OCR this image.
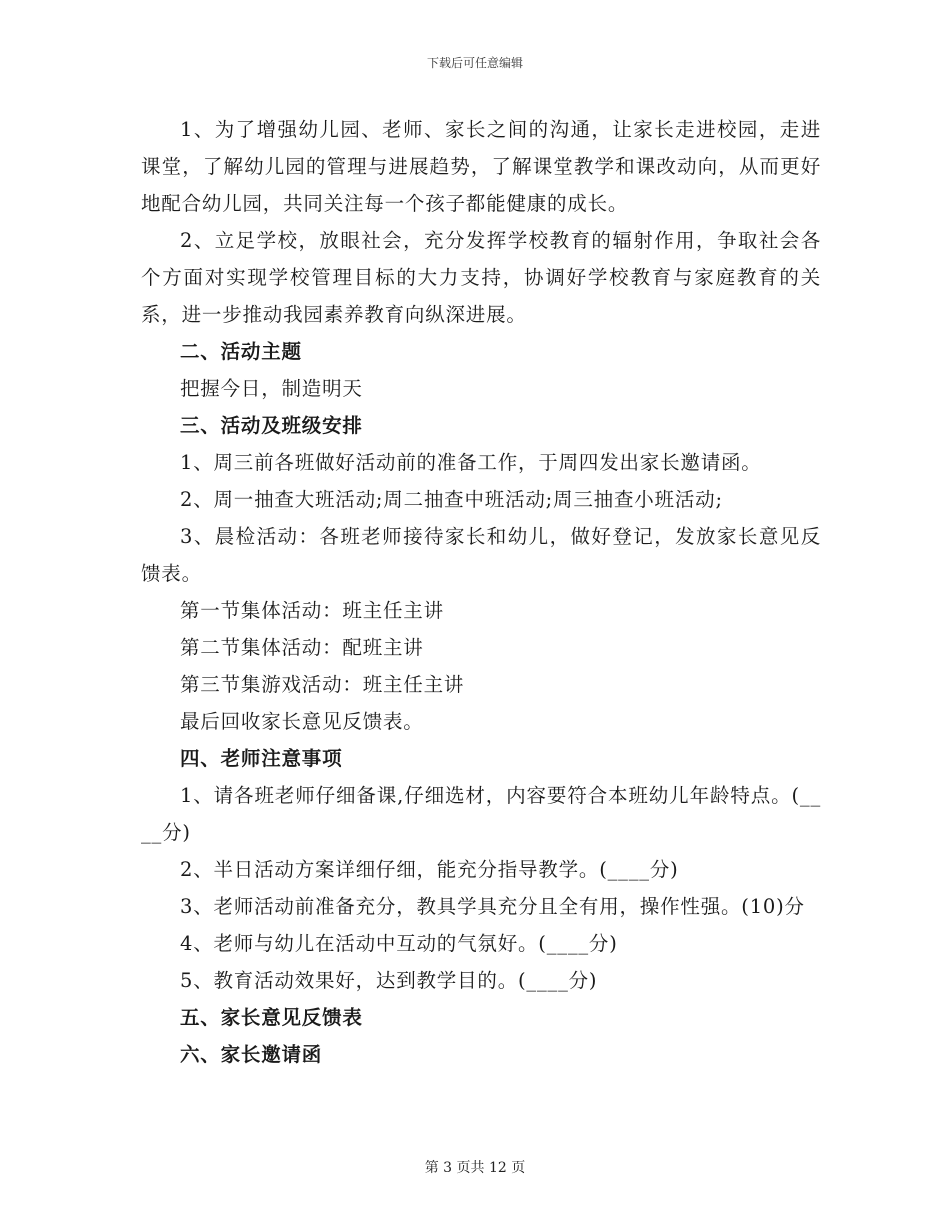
下载后可任意编辑

1、为了增强幼儿园、老师、家长之间的沟通，让家长走进校园，走进课堂，了解幼儿园的管理与进展趋势，了解课堂教学和课改动向，从而更好地配合幼儿园，共同关注每一个孩子都能健康的成长。

2、立足学校，放眼社会，充分发挥学校教育的辐射作用，争取社会各个方面对实现学校管理目标的大力支持，协调好学校教育与家庭教育的关系，进一步推动我园素养教育向纵深进展。

二、活动主题

把握今日，制造明天

三、活动及班级安排

1、周三前各班做好活动前的准备工作，于周四发出家长邀请函。

2、周一抽查大班活动;周二抽查中班活动;周三抽查小班活动;

3、晨检活动：各班老师接待家长和幼儿，做好登记，发放家长意见反馈表。

第一节集体活动：班主任主讲

第二节集体活动：配班主讲

第三节集游戏活动：班主任主讲

最后回收家长意见反馈表。

四、老师注意事项

1、请各班老师仔细备课,仔细选材，内容要符合本班幼儿年龄特点。(____分)

2、半日活动方案详细仔细，能充分指导教学。(____分)

3、老师活动前准备充分，教具学具充分且全有用，操作性强。(10)分

4、老师与幼儿在活动中互动的气氛好。(____分)

5、教育活动效果好，达到教学目的。(____分)

五、家长意见反馈表

六、家长邀请函

第 3 页共 12 页
